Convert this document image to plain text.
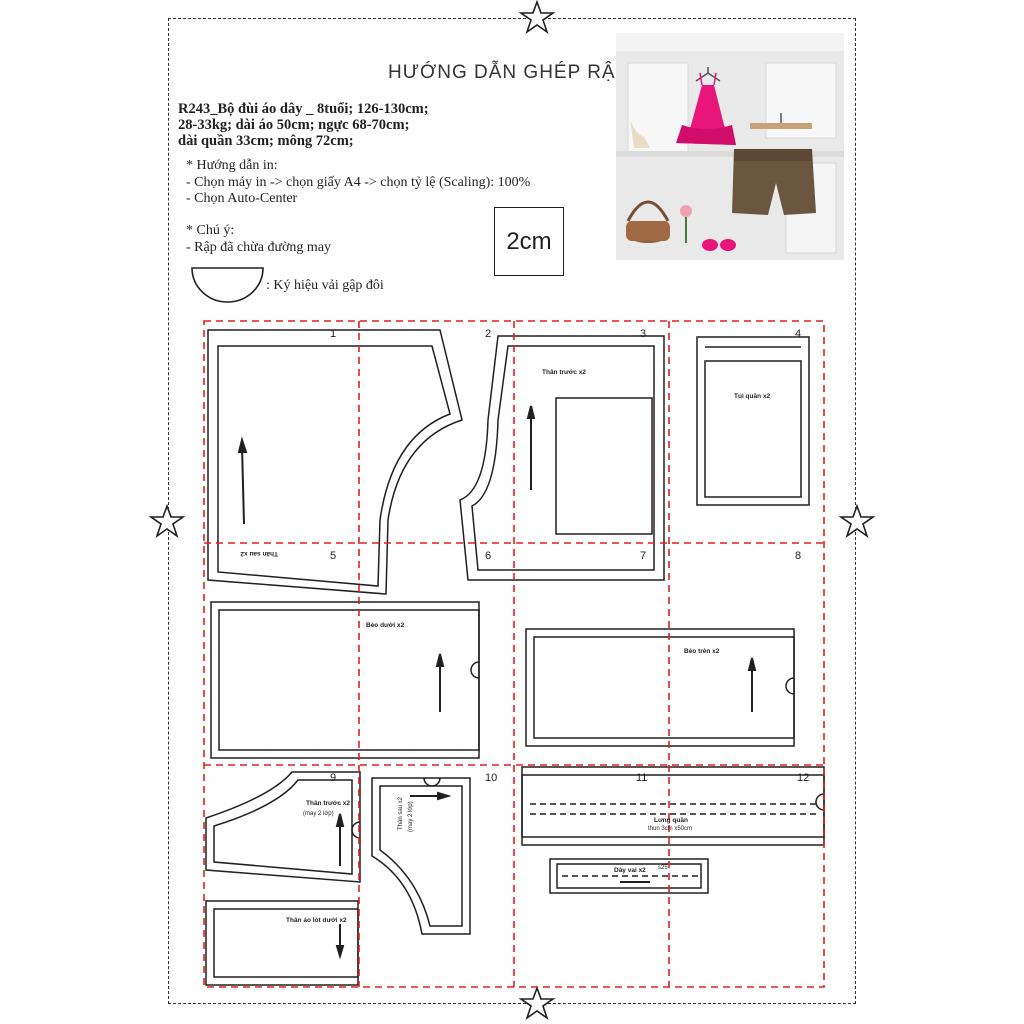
HƯỚNG DẪN GHÉP RẬ
R243_Bộ đùi áo dây _ 8tuổi; 126-130cm;
28-33kg; dài áo 50cm; ngực 68-70cm;
dài quần 33cm; mông 72cm;
* Hướng dẫn in:
- Chọn máy in -> chọn giấy A4 -> chọn tỷ lệ (Scaling): 100%
- Chọn Auto-Center
* Chú ý:
- Rập đã chừa đường may	2cm
: Ký hiệu vải gập đôi
1	2	3	4
5	6	7	8
9	10	11	12
Thân sau x2
Thân trước x2
Túi quần x2
Bèo dưới x2
Bèo trên x2
Thân trước x2
Thân áo lót dưới x2
Lưng quần
Dây vai x2
(may 2 lớp)	Thân sau x2 (may 2 lớp)	thun 3cm x50cm
s25
